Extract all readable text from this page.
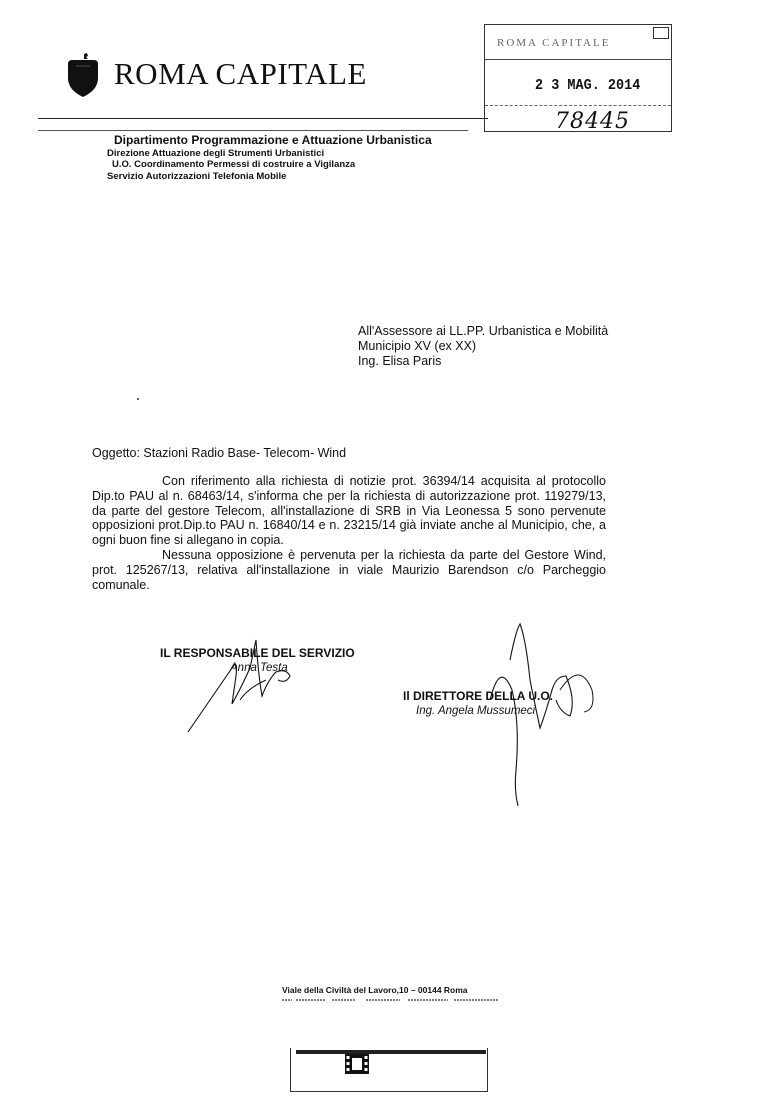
ROMA CAPITALE
ROMA CAPITALE
2 3 MAG. 2014
78445
Dipartimento Programmazione e Attuazione Urbanistica
Direzione Attuazione degli Strumenti Urbanistici
U.O. Coordinamento Permessi di costruire a Vigilanza
Servizio Autorizzazioni Telefonia Mobile
All'Assessore ai LL.PP. Urbanistica e Mobilità
Municipio XV (ex XX)
Ing. Elisa Paris
Oggetto: Stazioni Radio Base- Telecom- Wind

Con riferimento alla richiesta di notizie prot. 36394/14 acquisita al protocollo Dip.to PAU al n. 68463/14, s'informa che per la richiesta di autorizzazione prot. 119279/13, da parte del gestore Telecom, all'installazione di SRB in Via Leonessa 5 sono pervenute opposizioni prot.Dip.to PAU n. 16840/14 e n. 23215/14 già inviate anche al Municipio, che, a ogni buon fine si allegano in copia.

Nessuna opposizione è pervenuta per la richiesta da parte del Gestore Wind, prot. 125267/13, relativa all'installazione in viale Maurizio Barendson c/o Parcheggio comunale.

IL RESPONSABILE DEL SERVIZIO
Anna Testa
Il DIRETTORE DELLA U.O.
Ing. Angela Mussumeci
Viale della Civiltà del Lavoro,10 – 00144 Roma
